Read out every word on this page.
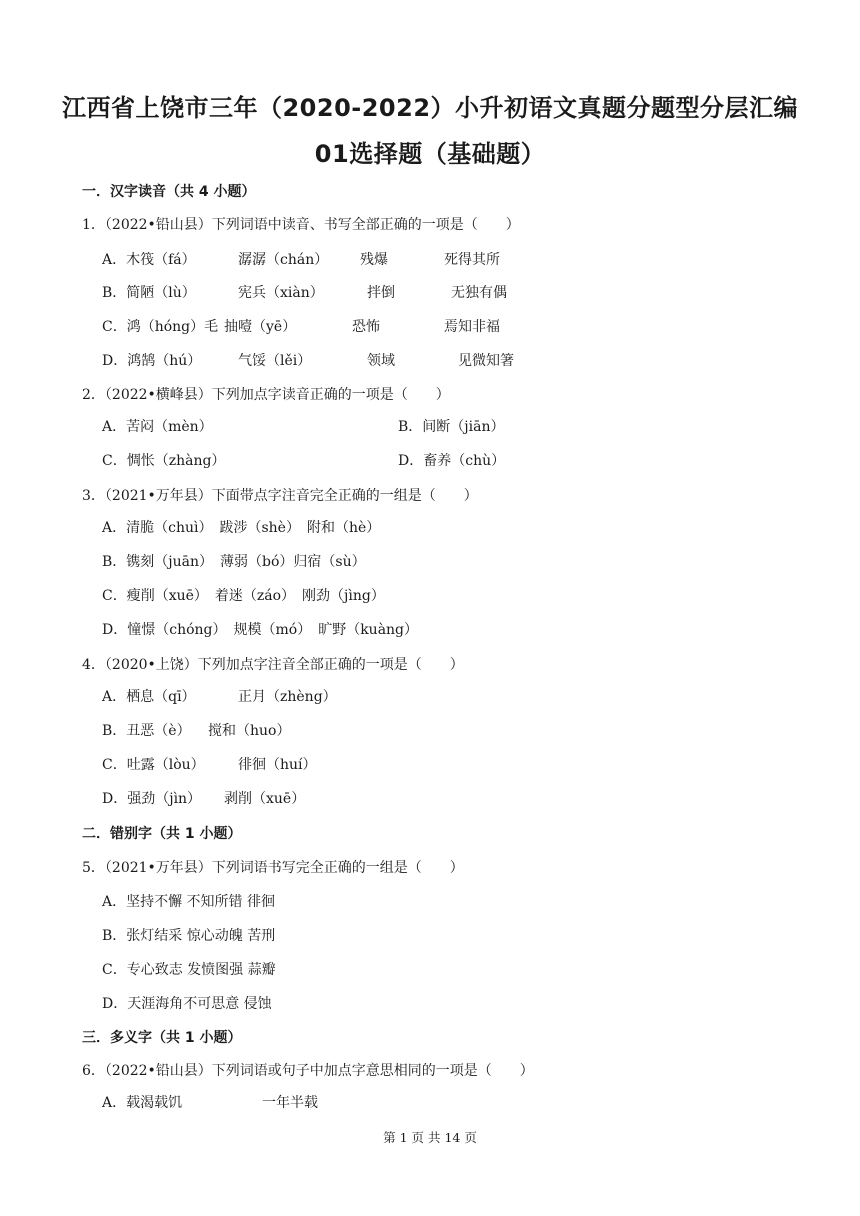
江西省上饶市三年（2020-2022）小升初语文真题分题型分层汇编
01选择题（基础题）
一．汉字读音（共 4 小题）
1．（2022•铅山县）下列词语中读音、书写全部正确的一项是（　　）
A．木筏（fá）	潺潺（chán） 残爆	死得其所
B．简陋（lù）	宪兵（xiàn）	拌倒	无独有偶
C．鸿（hóng）毛 抽噎（yē）	恐怖	焉知非福
D．鸿鹄（hú）	气馁（lěi）	领域	见微知箸
2．（2022•横峰县）下列加点字读音正确的一项是（　　）
A．苦闷（mèn）	B．间断（jiān）
C．惆怅（zhàng）	D．畜养（chù）
3．（2021•万年县）下面带点字注音完全正确的一组是（　　）
A．清脆（chuì）　跋涉（shè）　附和（hè）
B．镌刻（juān）　薄弱（bó）归宿（sù）
C．瘦削（xuē）　着迷（záo）　刚劲（jìng）
D．憧憬（chóng）　规模（mó）　旷野（kuàng）
4．（2020•上饶）下列加点字注音全部正确的一项是（　　）
A．栖息（qī）	正月（zhèng）
B．丑恶（è） 搅和（huo）
C．吐露（lòu） 徘徊（huí）
D．强劲（jìn） 剥削（xuē）
二．错别字（共 1 小题）
5．（2021•万年县）下列词语书写完全正确的一组是（　　）
A．坚持不懈 不知所错 徘徊
B．张灯结采 惊心动魄 苦刑
C．专心致志 发愤图强 蒜瓣
D．天涯海角不可思意 侵蚀
三．多义字（共 1 小题）
6．（2022•铅山县）下列词语或句子中加点字意思相同的一项是（　　）
A．载渴载饥	一年半载
第 1 页 共 14 页
